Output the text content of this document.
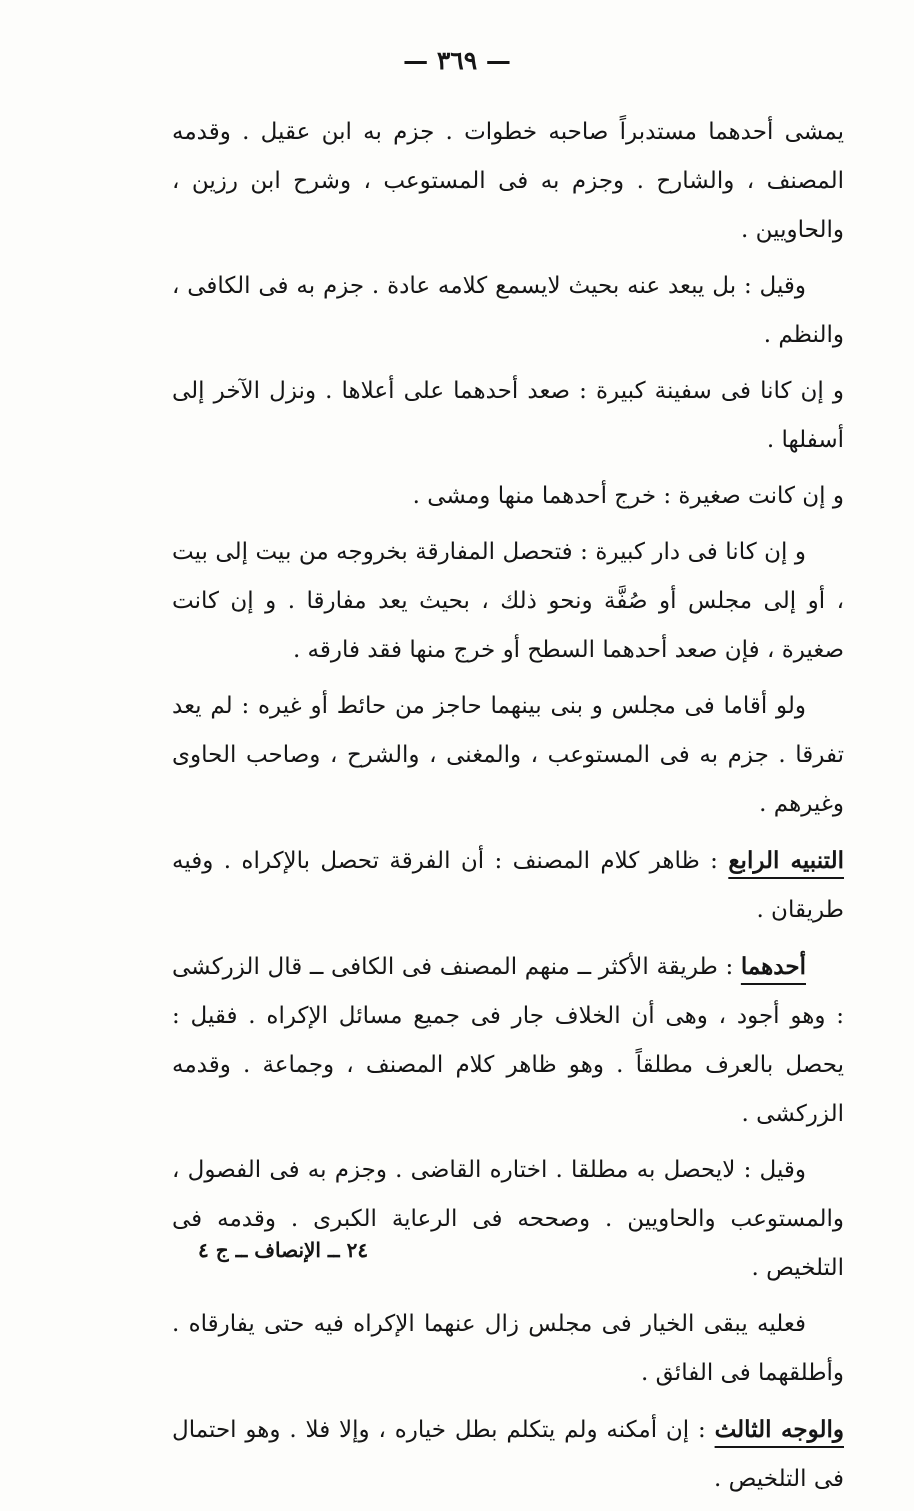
— ٣٦٩ —

يمشى أحدهما مستدبراً صاحبه خطوات . جزم به ابن عقيل . وقدمه المصنف ، والشارح . وجزم به فى المستوعب ، وشرح ابن رزين ، والحاويين .

وقيل : بل يبعد عنه بحيث لايسمع كلامه عادة . جزم به فى الكافى ، والنظم .

و إن كانا فى سفينة كبيرة : صعد أحدهما على أعلاها . ونزل الآخر إلى أسفلها .

و إن كانت صغيرة : خرج أحدهما منها ومشى .

و إن كانا فى دار كبيرة : فتحصل المفارقة بخروجه من بيت إلى بيت ، أو إلى مجلس أو صُفَّة ونحو ذلك ، بحيث يعد مفارقا . و إن كانت صغيرة ، فإن صعد أحدهما السطح أو خرج منها فقد فارقه .

ولو أقاما فى مجلس و بنى بينهما حاجز من حائط أو غيره : لم يعد تفرقا . جزم به فى المستوعب ، والمغنى ، والشرح ، وصاحب الحاوى وغيرهم .

التنبيه الرابع : ظاهر كلام المصنف : أن الفرقة تحصل بالإكراه . وفيه طريقان .

أحدهما : طريقة الأكثر ــ منهم المصنف فى الكافى ــ قال الزركشى : وهو أجود ، وهى أن الخلاف جار فى جميع مسائل الإكراه . فقيل : يحصل بالعرف مطلقاً . وهو ظاهر كلام المصنف ، وجماعة . وقدمه الزركشى .

وقيل : لايحصل به مطلقا . اختاره القاضى . وجزم به فى الفصول ، والمستوعب والحاويين . وصححه فى الرعاية الكبرى . وقدمه فى التلخيص .

فعليه يبقى الخيار فى مجلس زال عنهما الإكراه فيه حتى يفارقاه . وأطلقهما فى الفائق .

والوجه الثالث : إن أمكنه ولم يتكلم بطل خياره ، وإلا فلا . وهو احتمال فى التلخيص .

٢٤ ــ الإنصاف ــ ج ٤
